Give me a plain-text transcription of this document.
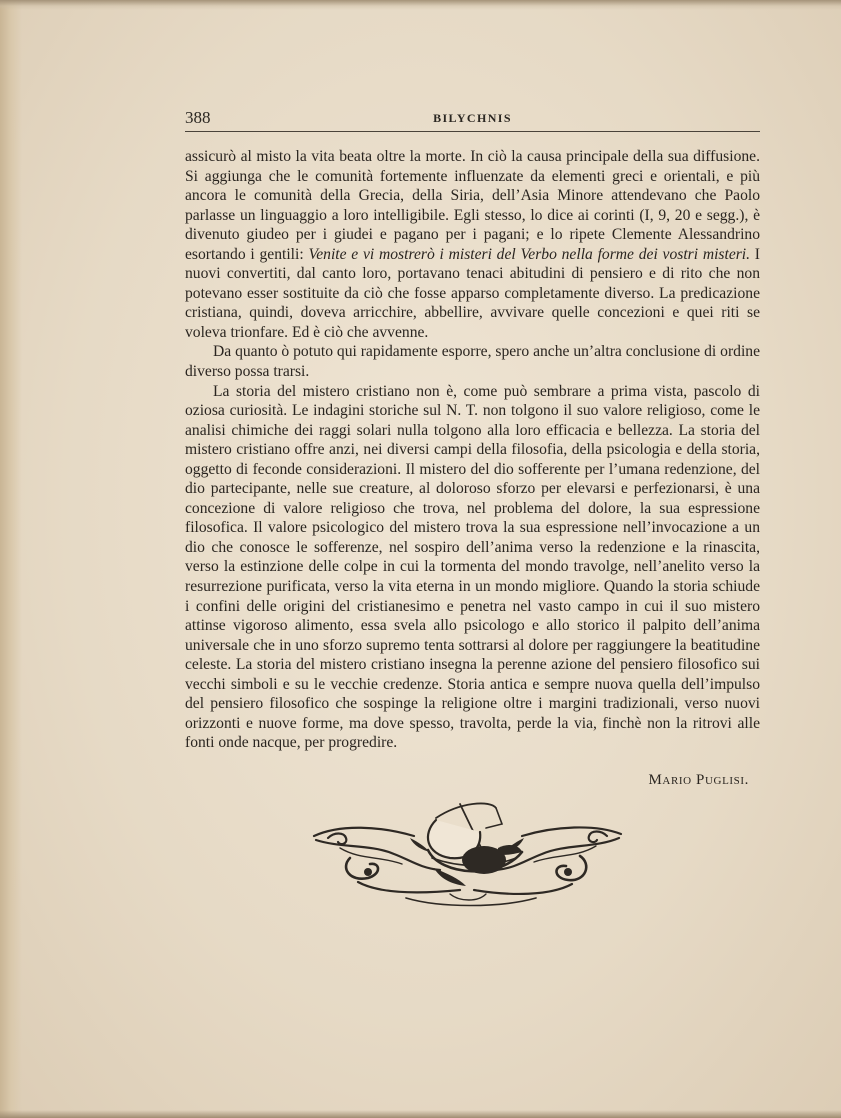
388	BILYCHNIS

assicurò al misto la vita beata oltre la morte. In ciò la causa principale della sua diffusione. Si aggiunga che le comunità fortemente influenzate da elementi greci e orientali, e più ancora le comunità della Grecia, della Siria, dell’Asia Minore attendevano che Paolo parlasse un linguaggio a loro intelligibile. Egli stesso, lo dice ai corinti (I, 9, 20 e segg.), è divenuto giudeo per i giudei e pagano per i pagani; e lo ripete Clemente Alessandrino esortando i gentili: Venite e vi mostrerò i misteri del Verbo nella forme dei vostri misteri. I nuovi convertiti, dal canto loro, portavano tenaci abitudini di pensiero e di rito che non potevano esser sostituite da ciò che fosse apparso completamente diverso. La predicazione cristiana, quindi, doveva arricchire, abbellire, avvivare quelle concezioni e quei riti se voleva trionfare. Ed è ciò che avvenne.

Da quanto ò potuto qui rapidamente esporre, spero anche un’altra conclusione di ordine diverso possa trarsi.

La storia del mistero cristiano non è, come può sembrare a prima vista, pascolo di oziosa curiosità. Le indagini storiche sul N. T. non tolgono il suo valore religioso, come le analisi chimiche dei raggi solari nulla tolgono alla loro efficacia e bellezza. La storia del mistero cristiano offre anzi, nei diversi campi della filosofia, della psicologia e della storia, oggetto di feconde considerazioni. Il mistero del dio sofferente per l’umana redenzione, del dio partecipante, nelle sue creature, al doloroso sforzo per elevarsi e perfezionarsi, è una concezione di valore religioso che trova, nel problema del dolore, la sua espressione filosofica. Il valore psicologico del mistero trova la sua espressione nell’invocazione a un dio che conosce le sofferenze, nel sospiro dell’anima verso la redenzione e la rinascita, verso la estinzione delle colpe in cui la tormenta del mondo travolge, nell’anelito verso la resurrezione purificata, verso la vita eterna in un mondo migliore. Quando la storia schiude i confini delle origini del cristianesimo e penetra nel vasto campo in cui il suo mistero attinse vigoroso alimento, essa svela allo psicologo e allo storico il palpito dell’anima universale che in uno sforzo supremo tenta sottrarsi al dolore per raggiungere la beatitudine celeste. La storia del mistero cristiano insegna la perenne azione del pensiero filosofico sui vecchi simboli e su le vecchie credenze. Storia antica e sempre nuova quella dell’impulso del pensiero filosofico che sospinge la religione oltre i margini tradizionali, verso nuovi orizzonti e nuove forme, ma dove spesso, travolta, perde la via, finchè non la ritrovi alle fonti onde nacque, per progredire.

Mario Puglisi.
